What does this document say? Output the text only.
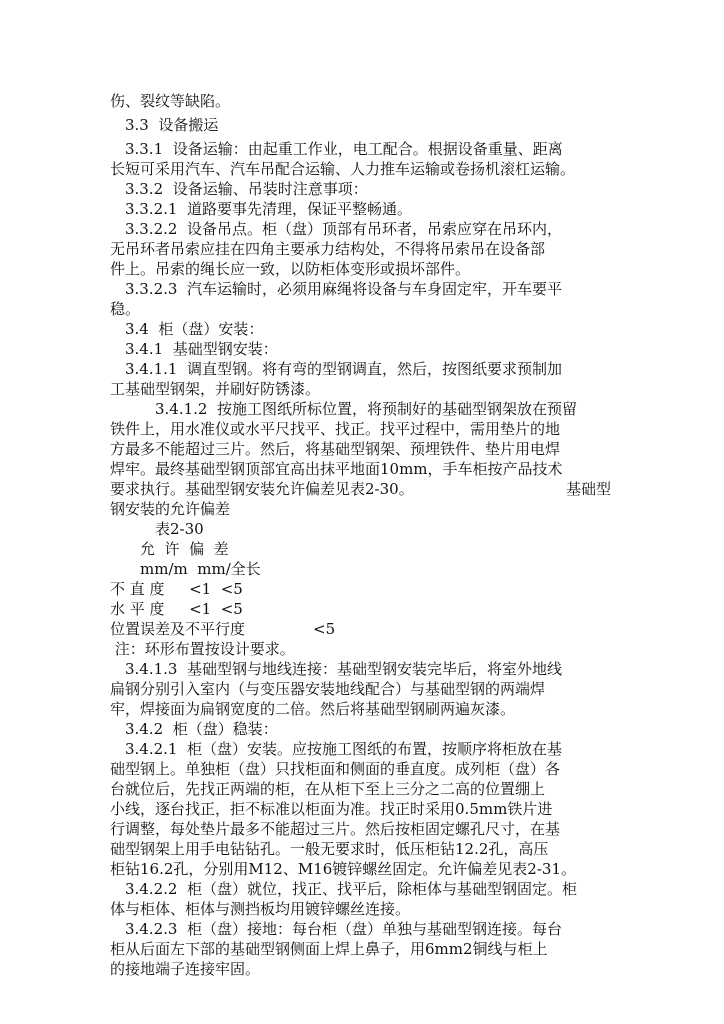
伤、裂纹等缺陷。
　3.3  设备搬运
　3.3.1  设备运输：由起重工作业，电工配合。根据设备重量、距离
长短可采用汽车、汽车吊配合运输、人力推车运输或卷扬机滚杠运输。
　3.3.2  设备运输、吊装时注意事项：
　3.3.2.1  道路要事先清理，保证平整畅通。
　3.3.2.2  设备吊点。柜（盘）顶部有吊环者，吊索应穿在吊环内，
无吊环者吊索应挂在四角主要承力结构处，不得将吊索吊在设备部
件上。吊索的绳长应一致，以防柜体变形或损坏部件。
　3.3.2.3  汽车运输时，必须用麻绳将设备与车身固定牢，开车要平
稳。
　3.4  柜（盘）安装：
　3.4.1  基础型钢安装：
　3.4.1.1  调直型钢。将有弯的型钢调直，然后，按图纸要求预制加
工基础型钢架，并刷好防锈漆。
　　　3.4.1.2  按施工图纸所标位置，将预制好的基础型钢架放在预留
铁件上，用水准仪或水平尺找平、找正。找平过程中，需用垫片的地
方最多不能超过三片。然后，将基础型钢架、预埋铁件、垫片用电焊
焊牢。最终基础型钢顶部宜高出抹平地面10mm，手车柜按产品技术
要求执行。基础型钢安装允许偏差见表2-30。
钢安装的允许偏差
　　　表2-30
　　允  许  偏  差
　　mm/m  mm/全长
不 直 度  　<1  <5
水 平 度  　<1  <5
注：环形布置按设计要求。
　3.4.1.3  基础型钢与地线连接：基础型钢安装完毕后，将室外地线
扁钢分别引入室内（与变压器安装地线配合）与基础型钢的两端焊
牢，焊接面为扁钢宽度的二倍。然后将基础型钢刷两遍灰漆。
　3.4.2  柜（盘）稳装：
　3.4.2.1  柜（盘）安装。应按施工图纸的布置，按顺序将柜放在基
础型钢上。单独柜（盘）只找柜面和侧面的垂直度。成列柜（盘）各
台就位后，先找正两端的柜，在从柜下至上三分之二高的位置绷上
小线，逐台找正，拒不标准以柜面为准。找正时采用0.5mm铁片进
行调整，每处垫片最多不能超过三片。然后按柜固定螺孔尺寸，在基
础型钢架上用手电钻钻孔。一般无要求时，低压柜钻12.2孔，高压
柜钻16.2孔，分别用M12、M16镀锌螺丝固定。允许偏差见表2-31。
　3.4.2.2  柜（盘）就位，找正、找平后，除柜体与基础型钢固定。柜
体与柜体、柜体与测挡板均用镀锌螺丝连接。
　3.4.2.3  柜（盘）接地：每台柜（盘）单独与基础型钢连接。每台
柜从后面左下部的基础型钢侧面上焊上鼻子，用6mm2铜线与柜上
的接地端子连接牢固。
基础型
位置误差及不平行度	<5
